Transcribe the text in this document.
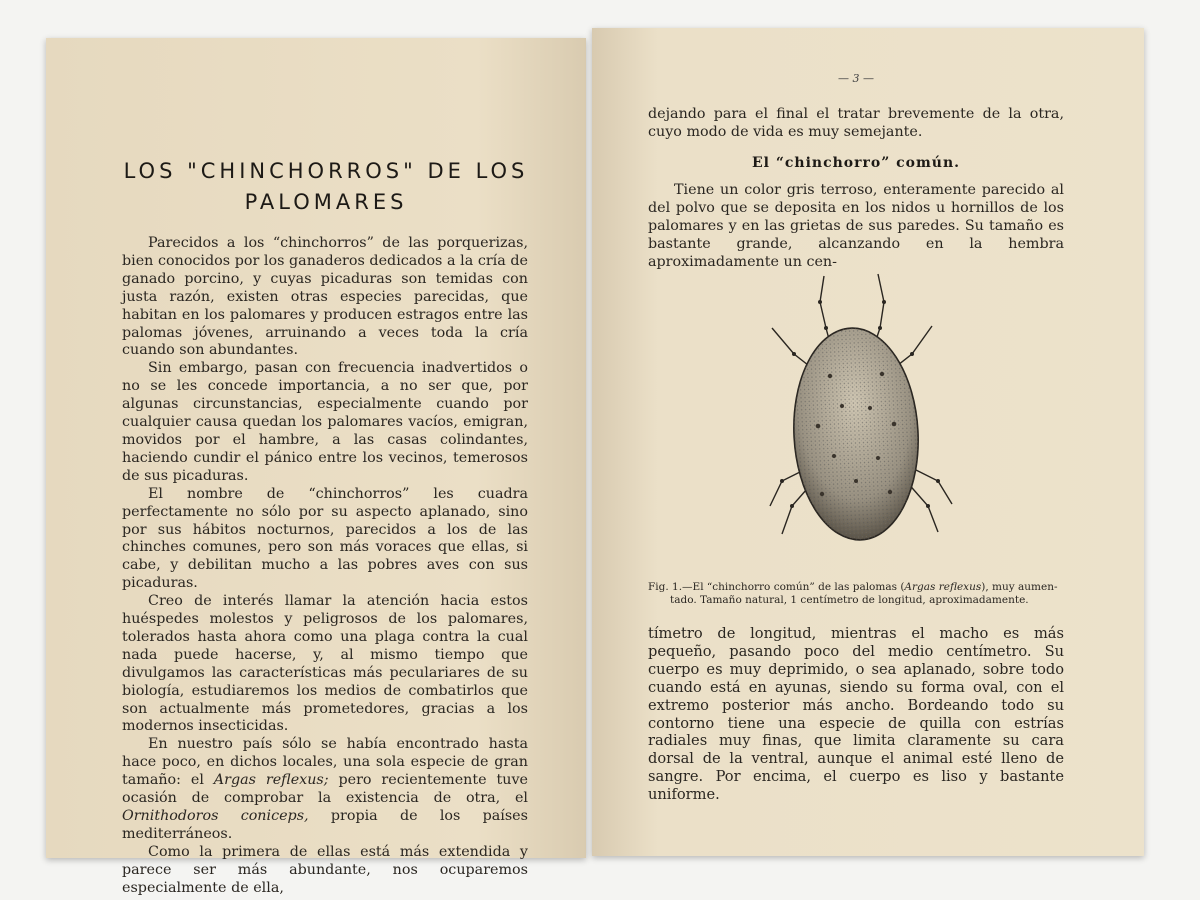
LOS "CHINCHORROS" DE LOS
PALOMARES

Parecidos a los “chinchorros” de las porquerizas, bien conocidos por los ganaderos dedicados a la cría de ganado porcino, y cuyas picaduras son temidas con justa razón, existen otras especies parecidas, que habitan en los palomares y producen estragos entre las palomas jóvenes, arruinando a veces toda la cría cuando son abundantes.

Sin embargo, pasan con frecuencia inadvertidos o no se les concede importancia, a no ser que, por algunas circunstancias, especialmente cuando por cualquier causa quedan los palomares vacíos, emigran, movidos por el hambre, a las casas colindantes, haciendo cundir el pánico entre los vecinos, temerosos de sus picaduras.

El nombre de “chinchorros” les cuadra perfectamente no sólo por su aspecto aplanado, sino por sus hábitos nocturnos, parecidos a los de las chinches comunes, pero son más voraces que ellas, si cabe, y debilitan mucho a las pobres aves con sus picaduras.

Creo de interés llamar la atención hacia estos huéspedes molestos y peligrosos de los palomares, tolerados hasta ahora como una plaga contra la cual nada puede hacerse, y, al mismo tiempo que divulgamos las características más peculariares de su biología, estudiaremos los medios de combatirlos que son actualmente más prometedores, gracias a los modernos insecticidas.

En nuestro país sólo se había encontrado hasta hace poco, en dichos locales, una sola especie de gran tamaño: el Argas reflexus; pero recientemente tuve ocasión de comprobar la existencia de otra, el Ornithodoros coniceps, propia de los países mediterráneos.

Como la primera de ellas está más extendida y parece ser más abundante, nos ocuparemos especialmente de ella,

— 3 —

dejando para el final el tratar brevemente de la otra, cuyo modo de vida es muy semejante.

El “chinchorro” común.

Tiene un color gris terroso, enteramente parecido al del polvo que se deposita en los nidos u hornillos de los palomares y en las grietas de sus paredes. Su tamaño es bastante grande, alcanzando en la hembra aproximadamente un cen-

Fig. 1.—El “chinchorro común” de las palomas (Argas reflexus), muy aumen-
tado. Tamaño natural, 1 centímetro de longitud, aproximadamente.

tímetro de longitud, mientras el macho es más pequeño, pasando poco del medio centímetro. Su cuerpo es muy deprimido, o sea aplanado, sobre todo cuando está en ayunas, siendo su forma oval, con el extremo posterior más ancho. Bordeando todo su contorno tiene una especie de quilla con estrías radiales muy finas, que limita claramente su cara dorsal de la ventral, aunque el animal esté lleno de sangre. Por encima, el cuerpo es liso y bastante uniforme.
